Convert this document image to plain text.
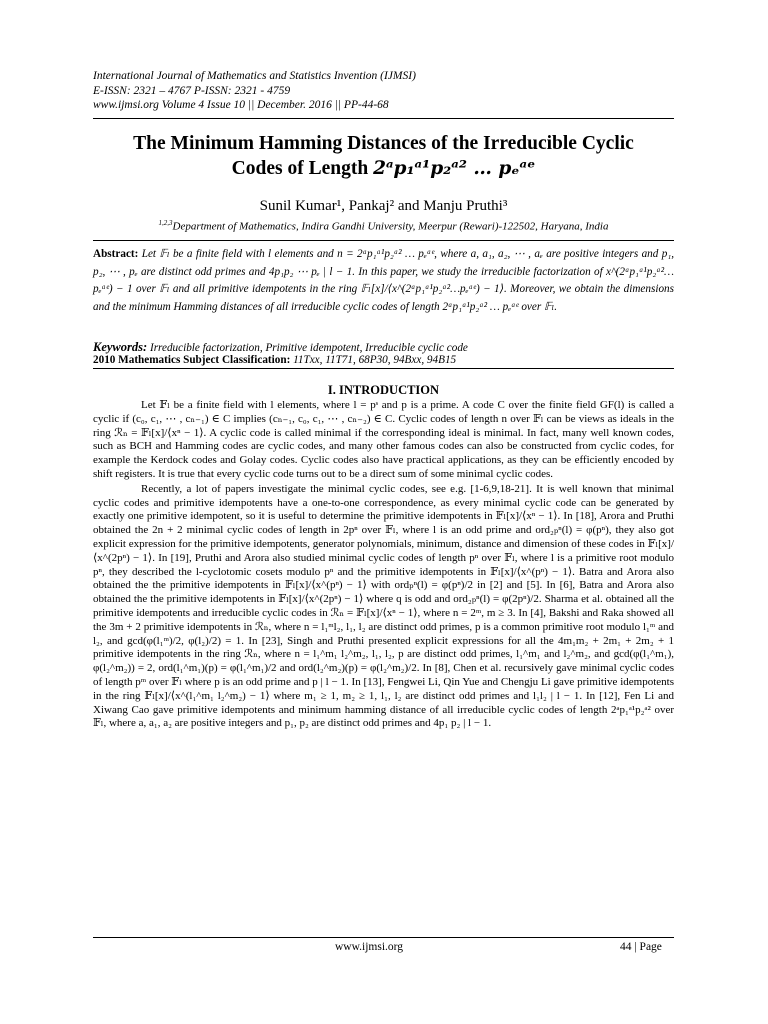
International Journal of Mathematics and Statistics Invention (IJMSI)
E-ISSN: 2321 – 4767 P-ISSN: 2321 - 4759
www.ijmsi.org Volume 4 Issue 10 || December. 2016 || PP-44-68
The Minimum Hamming Distances of the Irreducible Cyclic
Codes of Length 2ᵃp₁ᵃ¹p₂ᵃ² … pₑᵃᵉ
Sunil Kumar¹, Pankaj² and Manju Pruthi³
$^{1,2,3}$Department of Mathematics, Indira Gandhi University, Meerpur (Rewari)-122502, Haryana, India
Abstract: Let 𝔽ₗ be a finite field with l elements and n = 2ᵃp₁ᵃ¹p₂ᵃ² … pₑᵃᵉ, where a, a₁, a₂, ⋯ , aₑ are positive integers and p₁, p₂, ⋯ , pₑ are distinct odd primes and 4p₁p₂ ⋯ pₑ | l − 1. In this paper, we study the irreducible factorization of x^(2ᵃp₁ᵃ¹p₂ᵃ²…pₑᵃᵉ) − 1 over 𝔽ₗ and all primitive idempotents in the ring 𝔽ₗ[x]/⟨x^(2ᵃp₁ᵃ¹p₂ᵃ²…pₑᵃᵉ) − 1⟩. Moreover, we obtain the dimensions and the minimum Hamming distances of all irreducible cyclic codes of length 2ᵃp₁ᵃ¹p₂ᵃ² … pₑᵃᵉ over 𝔽ₗ.
Keywords: Irreducible factorization, Primitive idempotent, Irreducible cyclic code
2010 Mathematics Subject Classification: 11Txx, 11T71, 68P30, 94Bxx, 94B15
I. INTRODUCTION

Let 𝔽ₗ be a finite field with l elements, where l = pˢ and p is a prime. A code C over the finite field GF(l) is called a cyclic if (c₀, c₁, ⋯ , cₙ₋₁) ∈ C implies (cₙ₋₁, c₀, c₁, ⋯ , cₙ₋₂) ∈ C. Cyclic codes of length n over 𝔽ₗ can be views as ideals in the ring ℛₙ = 𝔽ₗ[x]/⟨xⁿ − 1⟩. A cyclic code is called minimal if the corresponding ideal is minimal. In fact, many well known codes, such as BCH and Hamming codes are cyclic codes, and many other famous codes can also be constructed from cyclic codes, for example the Kerdock codes and Golay codes. Cyclic codes also have practical applications, as they can be efficiently encoded by shift registers. It is true that every cyclic code turns out to be a direct sum of some minimal cyclic codes.

Recently, a lot of papers investigate the minimal cyclic codes, see e.g. [1-6,9,18-21]. It is well known that minimal cyclic codes and primitive idempotents have a one-to-one correspondence, as every minimal cyclic code can be generated by exactly one primitive idempotent, so it is useful to determine the primitive idempotents in 𝔽ₗ[x]/⟨xⁿ − 1⟩. In [18], Arora and Pruthi obtained the 2n + 2 minimal cyclic codes of length in 2pⁿ over 𝔽ₗ, where l is an odd prime and ord₂ₚⁿ(l) = φ(pⁿ), they also got explicit expression for the primitive idempotents, generator polynomials, minimum, distance and dimension of these codes in 𝔽ₗ[x]/⟨x^(2pⁿ) − 1⟩. In [19], Pruthi and Arora also studied minimal cyclic codes of length pⁿ over 𝔽ₗ, where l is a primitive root modulo pⁿ, they described the l-cyclotomic cosets modulo pⁿ and the primitive idempotents in 𝔽ₗ[x]/⟨x^(pⁿ) − 1⟩. Batra and Arora also obtained the the primitive idempotents in 𝔽ₗ[x]/⟨x^(pⁿ) − 1⟩ with ordₚⁿ(l) = φ(pⁿ)/2 in [2] and [5]. In [6], Batra and Arora also obtained the the primitive idempotents in 𝔽ₗ[x]/⟨x^(2pⁿ) − 1⟩ where q is odd and ord₂ₚⁿ(l) = φ(2pⁿ)/2. Sharma et al. obtained all the primitive idempotents and irreducible cyclic codes in ℛₙ = 𝔽ₗ[x]/⟨xⁿ − 1⟩, where n = 2ᵐ, m ≥ 3. In [4], Bakshi and Raka showed all the 3m + 2 primitive idempotents in ℛₙ, where n = l₁ᵐl₂, l₁, l₂ are distinct odd primes, p is a common primitive root modulo l₁ᵐ and l₂, and gcd(φ(l₁ᵐ)/2, φ(l₂)/2) = 1. In [23], Singh and Pruthi presented explicit expressions for all the 4m₁m₂ + 2m₁ + 2m₂ + 1 primitive idempotents in the ring ℛₙ, where n = l₁^m₁ l₂^m₂, l₁, l₂, p are distinct odd primes, l₁^m₁ and l₂^m₂, and gcd(φ(l₁^m₁), φ(l₂^m₂)) = 2, ord(l₁^m₁)(p) = φ(l₁^m₁)/2 and ord(l₂^m₂)(p) = φ(l₂^m₂)/2. In [8], Chen et al. recursively gave minimal cyclic codes of length pᵐ over 𝔽ₗ where p is an odd prime and p | l − 1. In [13], Fengwei Li, Qin Yue and Chengju Li gave primitive idempotents in the ring 𝔽ₗ[x]/⟨x^(l₁^m₁ l₂^m₂) − 1⟩ where m₁ ≥ 1, m₂ ≥ 1, l₁, l₂ are distinct odd primes and l₁l₂ | l − 1. In [12], Fen Li and Xiwang Cao gave primitive idempotents and minimum hamming distance of all irreducible cyclic codes of length 2ᵃp₁ᵃ¹p₂ᵃ² over 𝔽ₗ, where a, a₁, a₂ are positive integers and p₁, p₂ are distinct odd primes and 4p₁ p₂ | l − 1.

www.ijmsi.org	44 | Page
